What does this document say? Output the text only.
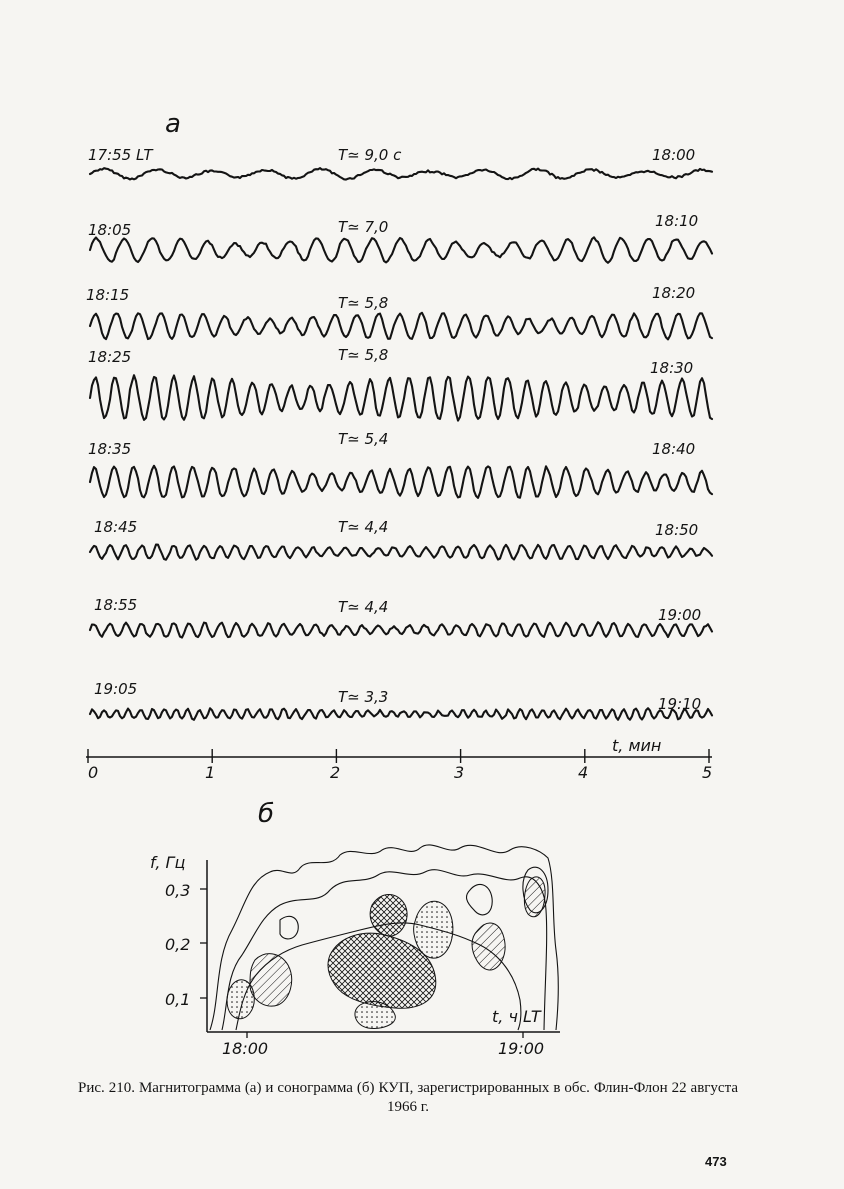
a
17:55 LT	T≃ 9,0 c	18:00
18:05	T≃ 7,0	18:10
18:15	T≃ 5,8
18:20
18:25	T≃ 5,8
18:30
18:35
T≃ 5,4
18:40
18:45	T≃ 4,4	18:50
18:55	T≃ 4,4	19:00
19:05	T≃ 3,3	19:10
0	1	2	3	4	5
t, мин
б
f, Гц
0,3
0,2
0,1
t, ч LT
18:00	19:00
Рис. 210. Магнитограмма (а) и сонограмма (б) КУП, зарегистрированных в обс. Флин-Флон 22 августа 1966 г.
473
